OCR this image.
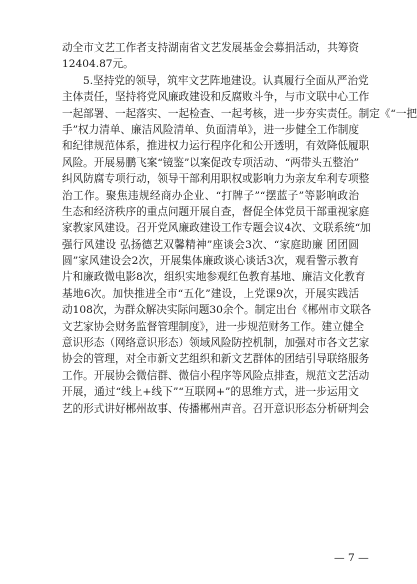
动全市文艺工作者支持湖南省文艺发展基金会募捐活动，共筹资
12404.87元。
5.坚持党的领导，筑牢文艺阵地建设。认真履行全面从严治党
主体责任，坚持将党风廉政建设和反腐败斗争，与市文联中心工作
一起部署、一起落实、一起检查、一起考核，进一步夯实责任。制定《“一把
手”权力清单、廉洁风险清单、负面清单》，进一步健全工作制度
和纪律规范体系，推进权力运行程序化和公开透明，有效降低履职
风险。开展易鹏飞案“镜鉴”以案促改专项活动、“两带头五整治”
纠风防腐专项行动，领导干部利用职权或影响力为亲友牟利专项整
治工作。聚焦违规经商办企业、“打牌子”“摆蓝子”等影响政治
生态和经济秩序的重点问题开展自查，督促全体党员干部重视家庭
家教家风建设。召开党风廉政建设工作专题会议4次、文联系统“加
强行风建设 弘扬德艺双馨精神”座谈会3次、“家庭助廉 团团圆
圆”家风建设会2次，开展集体廉政谈心谈话3次，观看警示教育
片和廉政微电影8次，组织实地参观红色教育基地、廉洁文化教育
基地6次。加快推进全市“五化”建设，上党课9次，开展实践活
动108次，为群众解决实际问题30余个。制定出台《郴州市文联各
文艺家协会财务监督管理制度》，进一步规范财务工作。建立健全
意识形态（网络意识形态）领域风险防控机制，加强对市各文艺家
协会的管理，对全市新文艺组织和新文艺群体的团结引导联络服务
工作。开展协会微信群、微信小程序等风险点排查，规范文艺活动
开展，通过“线上+线下”“互联网+”的思维方式，进一步运用文
艺的形式讲好郴州故事、传播郴州声音。召开意识形态分析研判会
— 7 —
